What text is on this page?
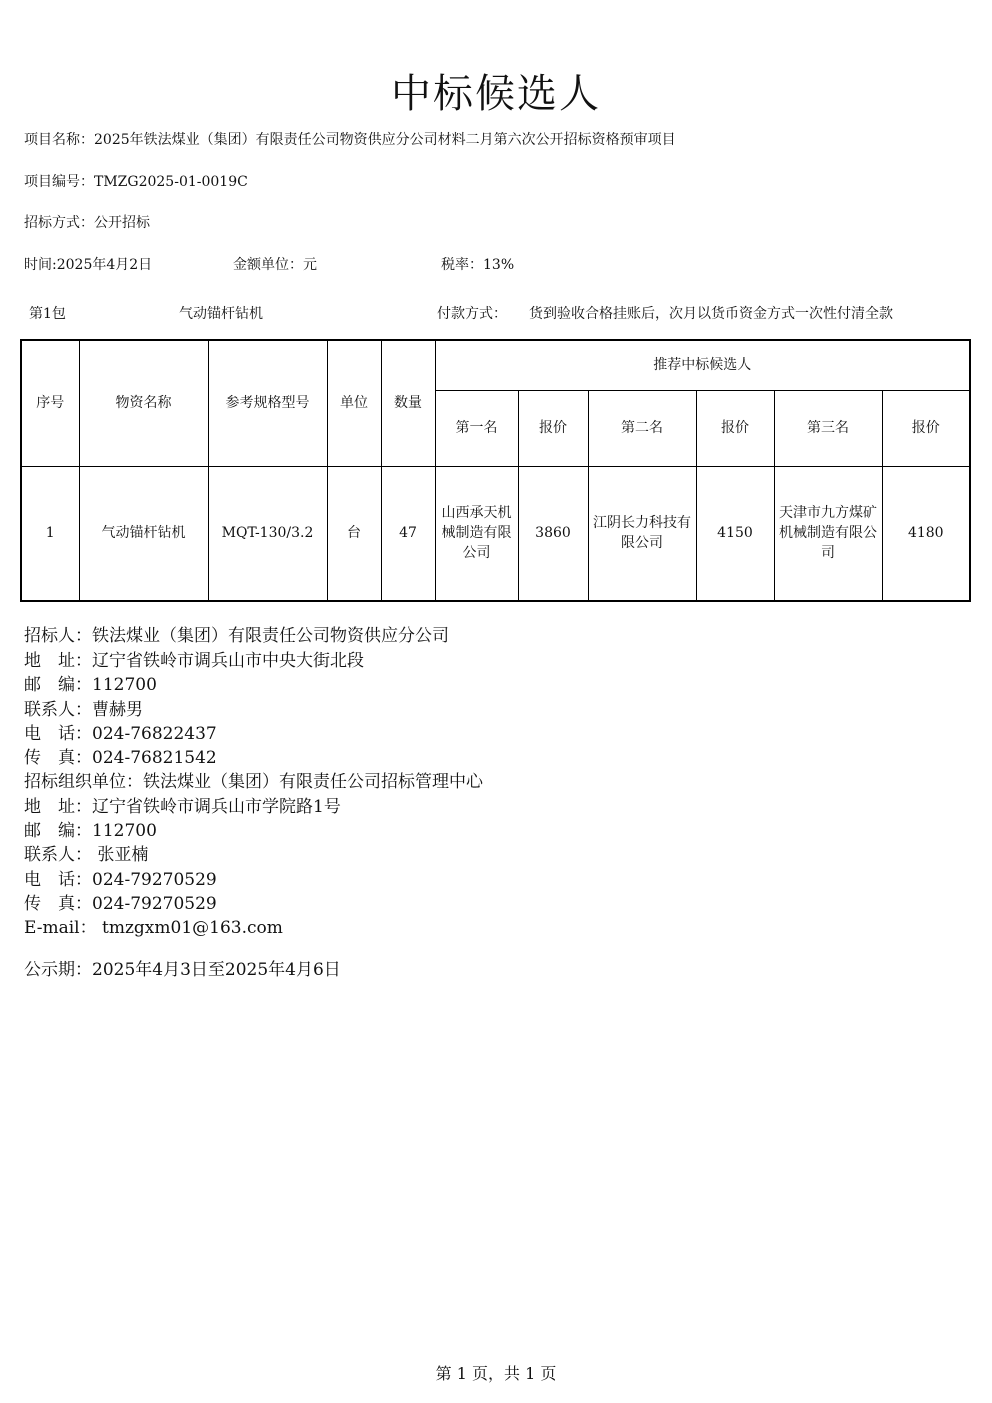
中标候选人
项目名称：2025年铁法煤业（集团）有限责任公司物资供应分公司材料二月第六次公开招标资格预审项目
项目编号：TMZG2025-01-0019C
招标方式：公开招标
时间:2025年4月2日	金额单位：元	税率：13%
第1包	气动锚杆钻机	付款方式： 货到验收合格挂账后，次月以货币资金方式一次性付清全款
序号	物资名称	参考规格型号	单位	数量	推荐中标候选人					
					第一名	报价	第二名	报价	第三名	报价
1	气动锚杆钻机	MQT-130/3.2	台	47	山西承天机械制造有限公司	3860	江阴长力科技有限公司	4150	天津市九方煤矿机械制造有限公司	4180
招标人：铁法煤业（集团）有限责任公司物资供应分公司
地　址：辽宁省铁岭市调兵山市中央大街北段
邮　编：112700
联系人：曹赫男
电　话：024-76822437
传　真：024-76821542
招标组织单位：铁法煤业（集团）有限责任公司招标管理中心
地　址：辽宁省铁岭市调兵山市学院路1号
邮　编：112700
联系人： 张亚楠
电　话：024-79270529
传　真：024-79270529
E-mail： tmzgxm01@163.com
公示期：2025年4月3日至2025年4月6日
第 1 页，共 1 页
